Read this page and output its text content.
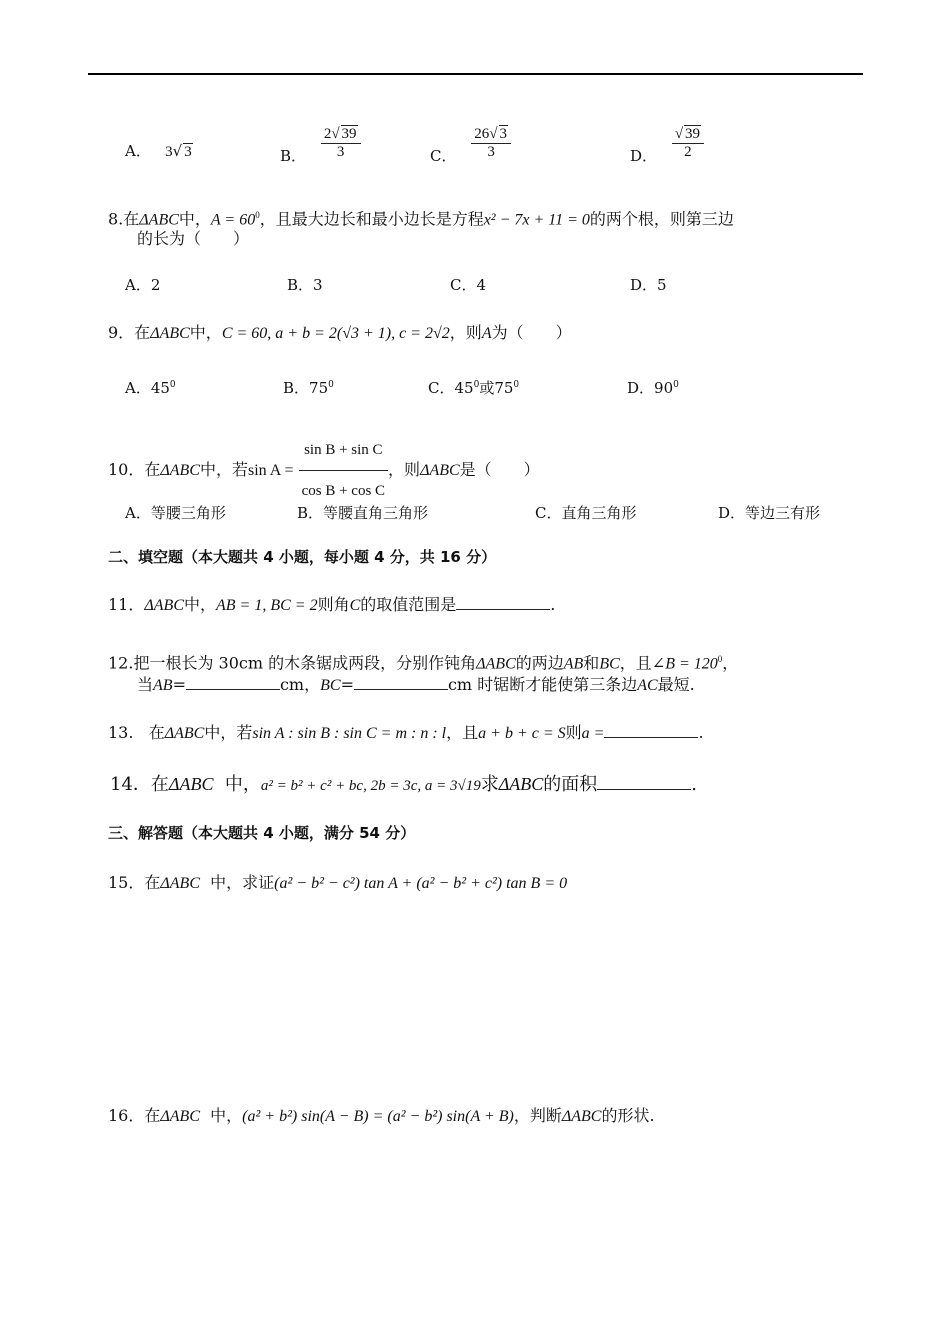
A． 3√ 3	B． $\frac{2√ 39}{3}$	C． $\frac{26√ 3}{3}$	D． $\frac{√ 39}{2}$
8.在ΔABC中，$A = 60^0$，且最大边长和最小边长是方程x² − 7x + 11 = 0的两个根，则第三边
的长为（　　）
A．2	B．3	C．4	D．5
9．在ΔABC中，C = 60, a + b = 2(√3 + 1), c = 2√2，则A为（　　）
A．$45^0$	B．$75^0$	C．$45^0$或$75^0$	D．$90^0$
10．在ΔABC中，若$\sin A = \frac{\text{sin B + sin C}}{\text{cos B + cos C}}$ ，则ΔABC是（　　）
A．等腰三角形	B．等腰直角三角形	C．直角三角形	D．等边三有形
二、填空题（本大题共 4 小题，每小题 4 分，共 16 分）
11．ΔABC中，AB = 1, BC = 2则角C的取值范围是	.
12.把一根长为 30cm 的木条锯成两段，分别作钝角ΔABC的两边AB和BC，且∠B = $120^0$，
当AB=	cm，BC=	cm 时锯断才能使第三条边AC最短.
13. 在ΔABC中，若sin A : sin B : sin C = m : n : l，且a + b + c = S则a =	.
14．在ΔABC 中，a² = b² + c² + bc, 2b = 3c, a = 3√19求ΔABC的面积	.
三、解答题（本大题共 4 小题，满分 54 分）
15．在ΔABC 中，求证(a² − b² − c²) tan A + (a² − b² + c²) tan B = 0
16．在ΔABC 中，(a² + b²) sin(A − B) = (a² − b²) sin(A + B)，判断ΔABC的形状.
